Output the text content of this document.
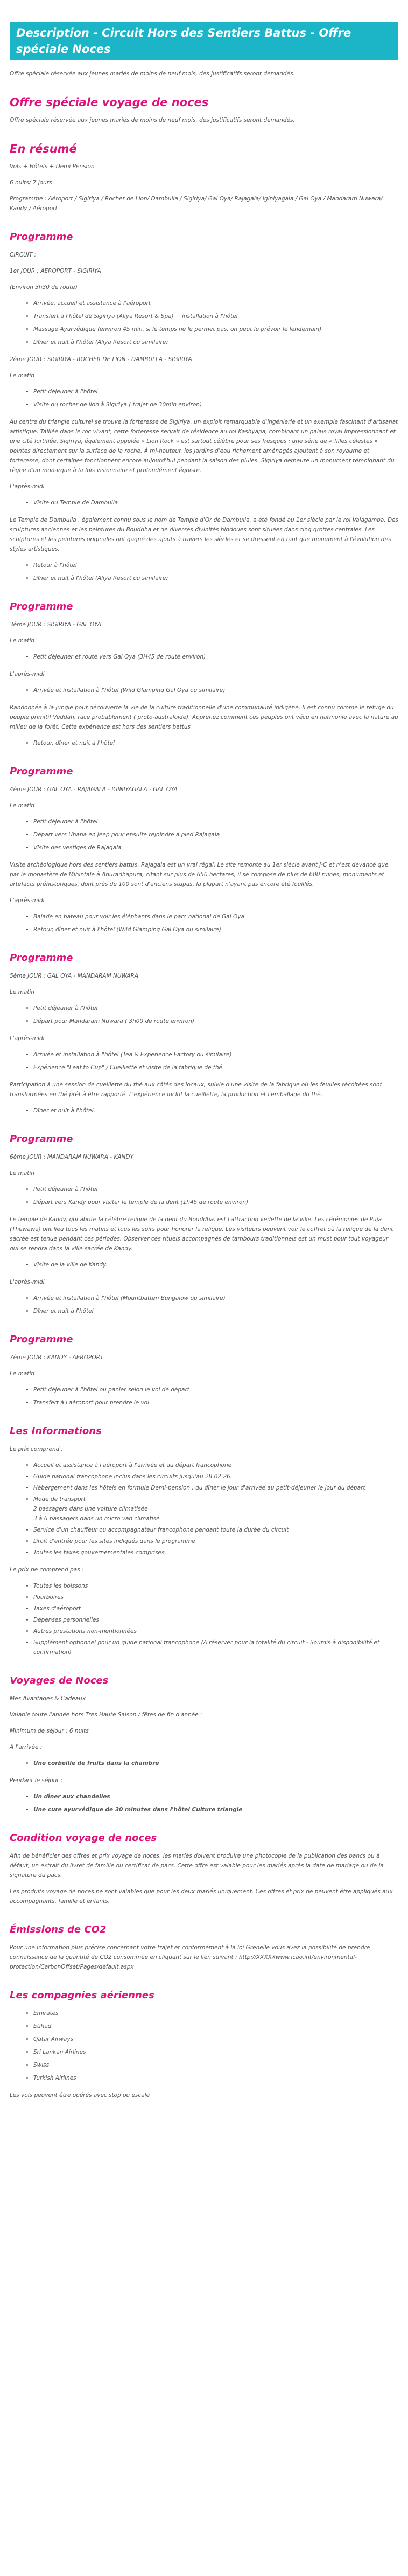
Description - Circuit Hors des Sentiers Battus - Offre spéciale Noces

Offre spéciale réservée aux jeunes mariés de moins de neuf mois, des justificatifs seront demandés.

Offre spéciale voyage de noces

Offre spéciale réservée aux jeunes mariés de moins de neuf mois, des justificatifs seront demandés.

En résumé

Vols + Hôtels + Demi Pension

6 nuits/ 7 jours

Programme : Aéroport / Sigiriya / Rocher de Lion/ Dambulla / Sigiriya/ Gal Oya/ Rajagala/ Iginiyagala / Gal Oya / Mandaram Nuwara/ Kandy / Aéroport

Programme

CIRCUIT :

1er JOUR : AEROPORT - SIGIRIYA

(Environ 3h30 de route)

• Arrivée, accueil et assistance à l'aéroport
• Transfert à l'hôtel de Sigiriya (Aliya Resort & Spa) + installation à l'hôtel
• Massage Ayurvédique (environ 45 min, si le temps ne le permet pas, on peut le prévoir le lendemain).
• Dîner et nuit à l'hôtel (Aliya Resort ou similaire)

2ème JOUR : SIGIRIYA - ROCHER DE LION - DAMBULLA - SIGIRIYA

Le matin

• Petit déjeuner à l'hôtel
• Visite du rocher de lion à Sigiriya ( trajet de 30min environ)

Au centre du triangle culturel se trouve la forteresse de Sigiriya, un exploit remarquable d'ingénierie et un exemple fascinant d'artisanat artistique. Taillée dans le roc vivant, cette forteresse servait de résidence au roi Kashyapa, combinant un palais royal impressionnant et une cité fortifiée. Sigiriya, également appelée « Lion Rock » est surtout célèbre pour ses fresques : une série de « filles célestes » peintes directement sur la surface de la roche. À mi-hauteur, les jardins d'eau richement aménagés ajoutent à son royaume et forteresse, dont certaines fonctionnent encore aujourd'hui pendant la saison des pluies. Sigiriya demeure un monument témoignant du règne d'un monarque à la fois visionnaire et profondément égoïste.

L'après-midi

• Visite du Temple de Dambulla

Le Temple de Dambulla , également connu sous le nom de Temple d'Or de Dambulla, a été fondé au 1er siècle par le roi Valagamba. Des sculptures anciennes et les peintures du Bouddha et de diverses divinités hindoues sont situées dans cinq grottes centrales. Les sculptures et les peintures originales ont gagné des ajouts à travers les siècles et se dressent en tant que monument à l'évolution des styles artistiques.

• Retour à l'hôtel
• Dîner et nuit à l'hôtel (Aliya Resort ou similaire)
Programme

3ème JOUR : SIGIRIYA - GAL OYA

Le matin

• Petit déjeuner et route vers Gal Oya (3H45 de route environ)

L'après-midi

• Arrivée et installation à l'hôtel (Wild Glamping Gal Oya ou similaire)

Randonnée à la jungle pour découverte la vie de la culture traditionnelle d'une communauté indigène. Il est connu comme le refuge du peuple primitif Veddah, race probablement ( proto-australoïde). Apprenez comment ces peuples ont vécu en harmonie avec la nature au milieu de la forêt. Cette expérience est hors des sentiers battus

• Retour, dîner et nuit à l'hôtel
Programme

4ème JOUR : GAL OYA - RAJAGALA - IGINIYAGALA - GAL OYA

Le matin

• Petit déjeuner à l'hôtel
• Départ vers Uhana en Jeep pour ensuite rejoindre à pied Rajagala
• Visite des vestiges de Rajagala

Visite archéologique hors des sentiers battus, Rajagala est un vrai régal. Le site remonte au 1er siècle avant J-C et n'est devancé que par le monastère de Mihintale à Anuradhapura, citant sur plus de 650 hectares, il se compose de plus de 600 ruines, monuments et artefacts préhistoriques, dont près de 100 sont d'anciens stupas, la plupart n'ayant pas encore été fouillés.

L'après-midi

• Balade en bateau pour voir les éléphants dans le parc national de Gal Oya
• Retour, dîner et nuit à l'hôtel (Wild Glamping Gal Oya ou similaire)
Programme

5ème JOUR : GAL OYA - MANDARAM NUWARA

Le matin

• Petit déjeuner à l'hôtel
• Départ pour Mandaram Nuwara ( 3h00 de route environ)

L'après-midi

• Arrivée et installation à l'hôtel (Tea & Experience Factory ou similaire)
• Expérience "Leaf to Cup" / Cueillette et visite de la fabrique de thé

Participation à une session de cueillette du thé aux côtés des locaux, suivie d'une visite de la fabrique où les feuilles récoltées sont transformées en thé prêt à être rapporté. L'expérience inclut la cueillette, la production et l'emballage du thé.

• Dîner et nuit à l'hôtel.
Programme

6ème JOUR : MANDARAM NUWARA - KANDY

Le matin

• Petit déjeuner à l'hôtel
• Départ vers Kandy pour visiter le temple de la dent (1h45 de route environ)

Le temple de Kandy, qui abrite la célèbre relique de la dent du Bouddha, est l'attraction vedette de la ville. Les cérémonies de Puja (Thewawa) ont lieu tous les matins et tous les soirs pour honorer la relique. Les visiteurs peuvent voir le coffret où la relique de la dent sacrée est tenue pendant ces périodes. Observer ces rituels accompagnés de tambours traditionnels est un must pour tout voyageur qui se rendra dans la ville sacrée de Kandy.

• Visite de la ville de Kandy.

L'après-midi

• Arrivée et installation à l'hôtel (Mountbatten Bungalow ou similaire)
• Dîner et nuit à l'hôtel
Programme

7ème JOUR : KANDY - AEROPORT

Le matin

• Petit déjeuner à l'hôtel ou panier selon le vol de départ
• Transfert à l'aéroport pour prendre le vol
Les Informations

Le prix comprend :

• Accueil et assistance à l'aéroport à l'arrivée et au départ francophone
• Guide national francophone inclus dans les circuits jusqu'au 28.02.26.
• Hébergement dans les hôtels en formule Demi-pension , du dîner le jour d'arrivée au petit-déjeuner le jour du départ
• Mode de transport
2 passagers dans une voiture climatisée
3 à 6 passagers dans un micro van climatisé
• Service d'un chauffeur ou accompagnateur francophone pendant toute la durée du circuit
• Droit d'entrée pour les sites indiqués dans le programme
• Toutes les taxes gouvernementales comprises.

Le prix ne comprend pas :

• Toutes les boissons
• Pourboires
• Taxes d'aéroport
• Dépenses personnelles
• Autres prestations non-mentionnées
• Supplément optionnel pour un guide national francophone (A réserver pour la totalité du circuit - Soumis à disponibilité et confirmation)
Voyages de Noces

Mes Avantages & Cadeaux

Valable toute l'année hors Très Haute Saison / fêtes de fin d'année :

Minimum de séjour : 6 nuits

A l'arrivée :

• Une corbeille de fruits dans la chambre

Pendant le séjour :

• Un dîner aux chandelles
• Une cure ayurvédique de 30 minutes dans l'hôtel Culture triangle
Condition voyage de noces

Afin de bénéficier des offres et prix voyage de noces, les mariés doivent produire une photocopie de la publication des bancs ou à défaut, un extrait du livret de famille ou certificat de pacs. Cette offre est valable pour les mariés après la date de mariage ou de la signature du pacs.

Les produits voyage de noces ne sont valables que pour les deux mariés uniquement. Ces offres et prix ne peuvent être appliqués aux accompagnants, famille et enfants.

Émissions de CO2

Pour une information plus précise concernant votre trajet et conformément à la loi Grenelle vous avez la possibilité de prendre connaissance de la quantité de CO2 consommée en cliquant sur le lien suivant : http://XXXXXwww.icao.int/environmental-protection/CarbonOffset/Pages/default.aspx

Les compagnies aériennes
• Emirates
• Etihad
• Qatar Airways
• Sri Lankan Airlines
• Swiss
• Turkish Airlines

Les vols peuvent être opérés avec stop ou escale
